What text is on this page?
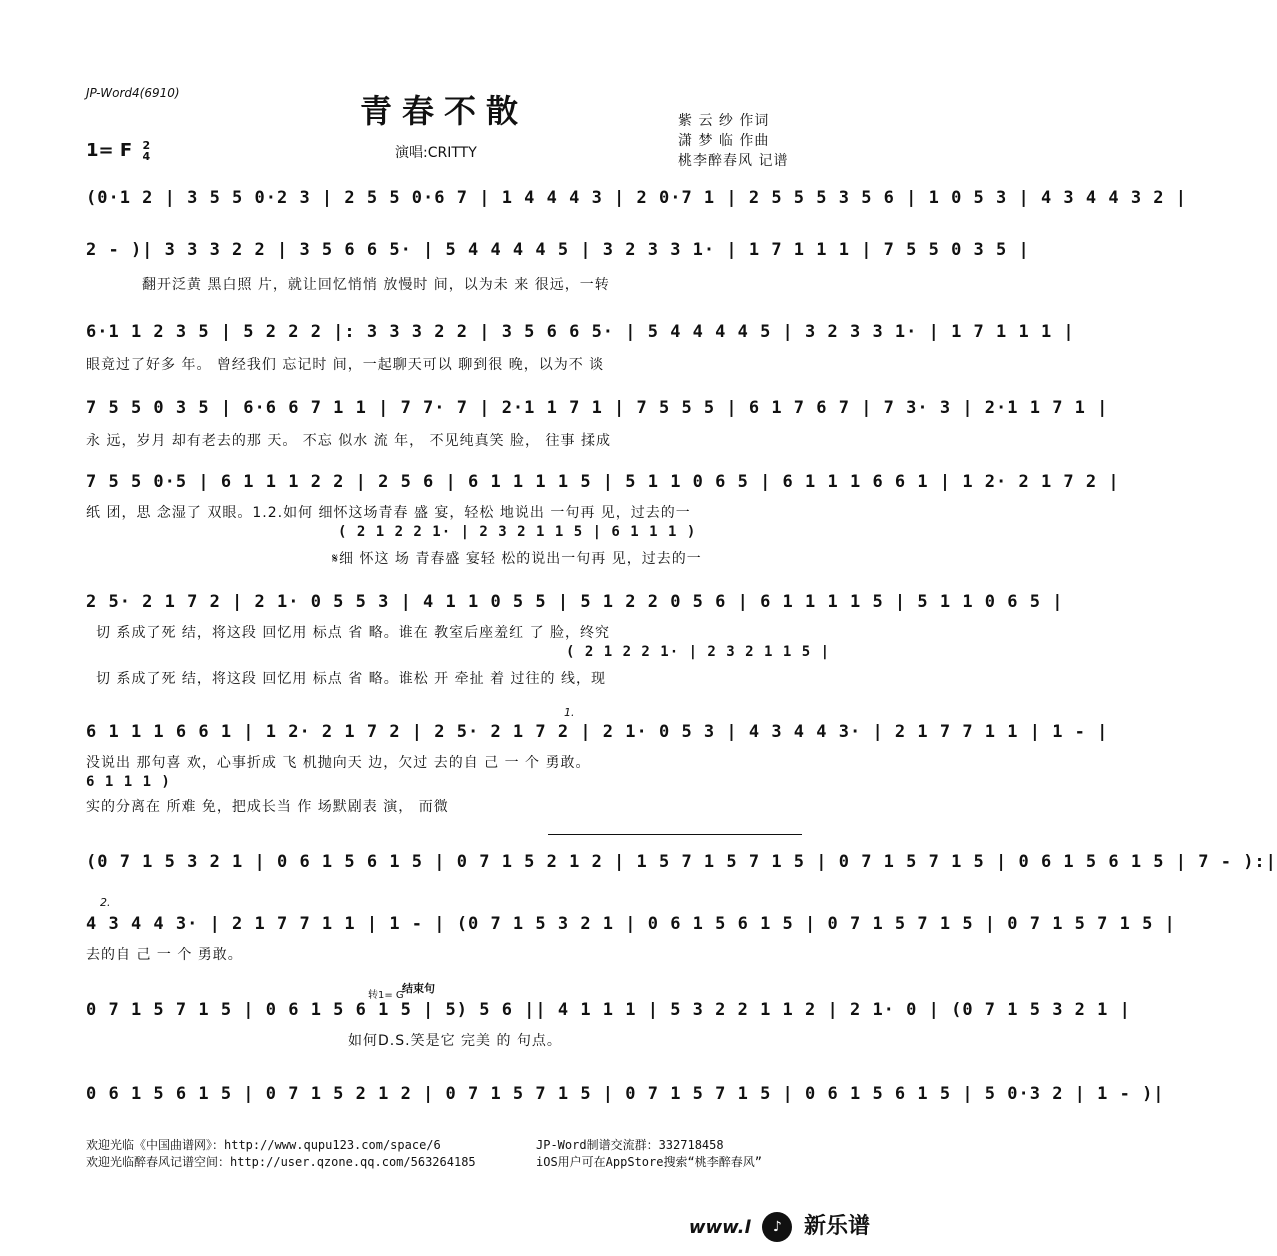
JP-Word4(6910)	青春不散
1= F 2
4	演唱:CRITTY
紫 云 纱 作词
潇 梦 临 作曲
桃李醉春风 记谱
(0·1 2 | 3 5 5 0·2 3 | 2 5 5 0·6 7 | 1 4 4 4 3 | 2 0·7 1 | 2 5 5 5 3 5 6 | 1 0 5 3 | 4 3 4 4 3 2 |
2 - )| 3 3 3 2 2 | 3 5 6 6 5· | 5 4 4 4 4 5 | 3 2 3 3 1· | 1 7 1 1 1 | 7 5 5 0 3 5 |
翻开泛黄 黑白照 片，就让回忆悄悄 放慢时 间，以为未 来 很远，一转
6·1 1 2 3 5 | 5 2 2 2 |: 3 3 3 2 2 | 3 5 6 6 5· | 5 4 4 4 4 5 | 3 2 3 3 1· | 1 7 1 1 1 |
眼竟过了好多 年。 曾经我们 忘记时 间，一起聊天可以 聊到很 晚，以为不 谈
7 5 5 0 3 5 | 6·6 6 7 1 1 | 7 7· 7 | 2·1 1 7 1 | 7 5 5 5 | 6 1 7 6 7 | 7 3· 3 | 2·1 1 7 1 |
永 远，岁月 却有老去的那 天。 不忘 似水 流 年， 不见纯真笑 脸， 往事 揉成
7 5 5 0·5 | 6 1 1 1 2 2 | 2 5 6 | 6 1 1 1 1 5 | 5 1 1 0 6 5 | 6 1 1 1 6 6 1 | 1 2· 2 1 7 2 |
纸 团，思 念湿了 双眼。1.2.如何 细怀这场青春 盛 宴，轻松 地说出 一句再 见，过去的一
( 2 1 2 2 1· | 2 3 2 1 1 5 | 6 1 1 1 )
𝄋细 怀这 场 青春盛 宴轻 松的说出一句再 见，过去的一
2 5· 2 1 7 2 | 2 1· 0 5 5 3 | 4 1 1 0 5 5 | 5 1 2 2 0 5 6 | 6 1 1 1 1 5 | 5 1 1 0 6 5 |
切 系成了死 结，将这段 回忆用 标点 省 略。谁在 教室后座羞红 了 脸，终究
( 2 1 2 2 1· | 2 3 2 1 1 5 |
切 系成了死 结，将这段 回忆用 标点 省 略。谁松 开 牵扯 着 过往的 线，现
1.
6 1 1 1 6 6 1 | 1 2· 2 1 7 2 | 2 5· 2 1 7 2 | 2 1· 0 5 3 | 4 3 4 4 3· | 2 1 7 7 1 1 | 1 - |
没说出 那句喜 欢，心事折成 飞 机抛向天 边，欠过 去的自 己 一 个 勇敢。
6 1 1 1 )
实的分离在 所难 免，把成长当 作 场默剧表 演， 而微
(0 7 1 5 3 2 1 | 0 6 1 5 6 1 5 | 0 7 1 5 2 1 2 | 1 5 7 1 5 7 1 5 | 0 7 1 5 7 1 5 | 0 6 1 5 6 1 5 | 7 - ):|
2.
4 3 4 4 3· | 2 1 7 7 1 1 | 1 - | (0 7 1 5 3 2 1 | 0 6 1 5 6 1 5 | 0 7 1 5 7 1 5 | 0 7 1 5 7 1 5 |
去的自 己 一 个 勇敢。
转1= G
结束句
0 7 1 5 7 1 5 | 0 6 1 5 6 1 5 | 5) 5 6 || 4 1 1 1 | 5 3 2 2 1 1 2 | 2 1· 0 | (0 7 1 5 3 2 1 |
如何D.S.笑是它 完美 的 句点。
0 6 1 5 6 1 5 | 0 7 1 5 2 1 2 | 0 7 1 5 7 1 5 | 0 7 1 5 7 1 5 | 0 6 1 5 6 1 5 | 5 0·3 2 | 1 - )|
欢迎光临《中国曲谱网》：http://www.qupu123.com/space/6
欢迎光临醉春风记谱空间：http://user.qzone.qq.com/563264185
JP-Word制谱交流群：332718458
iOS用户可在AppStore搜索“桃李醉春风”
www.l ♪ 新乐谱
